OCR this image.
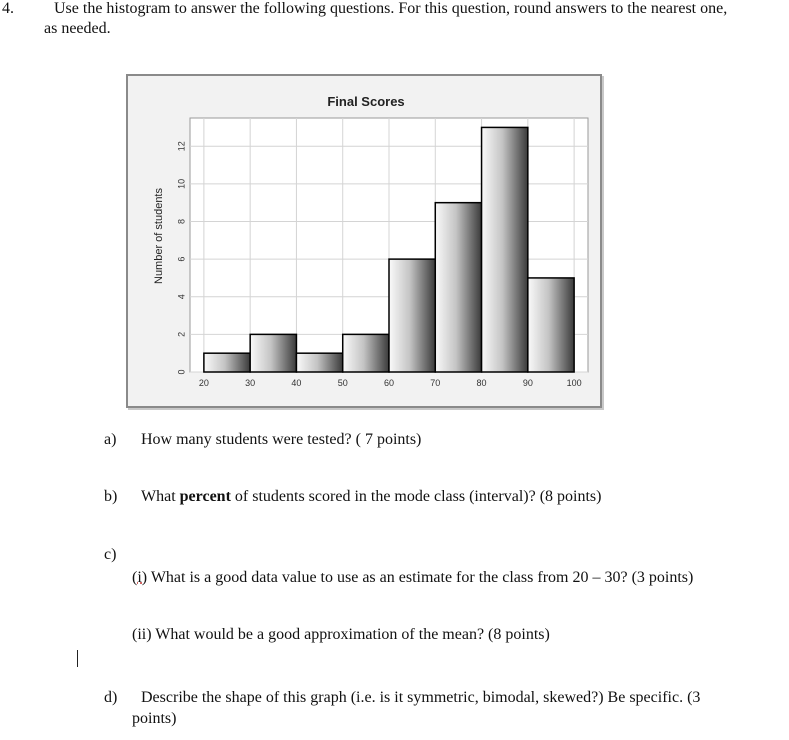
4.	Use the histogram to answer the following questions. For this question, round answers to the nearest one,
as needed.
20	30	40	50	60	70	80	90	100
0
2
4
6
8
10
12
Final Scores
Number of students
a) How many students were tested? ( 7 points)
b) What percent of students scored in the mode class (interval)? (8 points)
c)
(i) What is a good data value to use as an estimate for the class from 20 – 30? (3 points)
(ii) What would be a good approximation of the mean? (8 points)
d) Describe the shape of this graph (i.e. is it symmetric, bimodal, skewed?) Be specific. (3
points)
